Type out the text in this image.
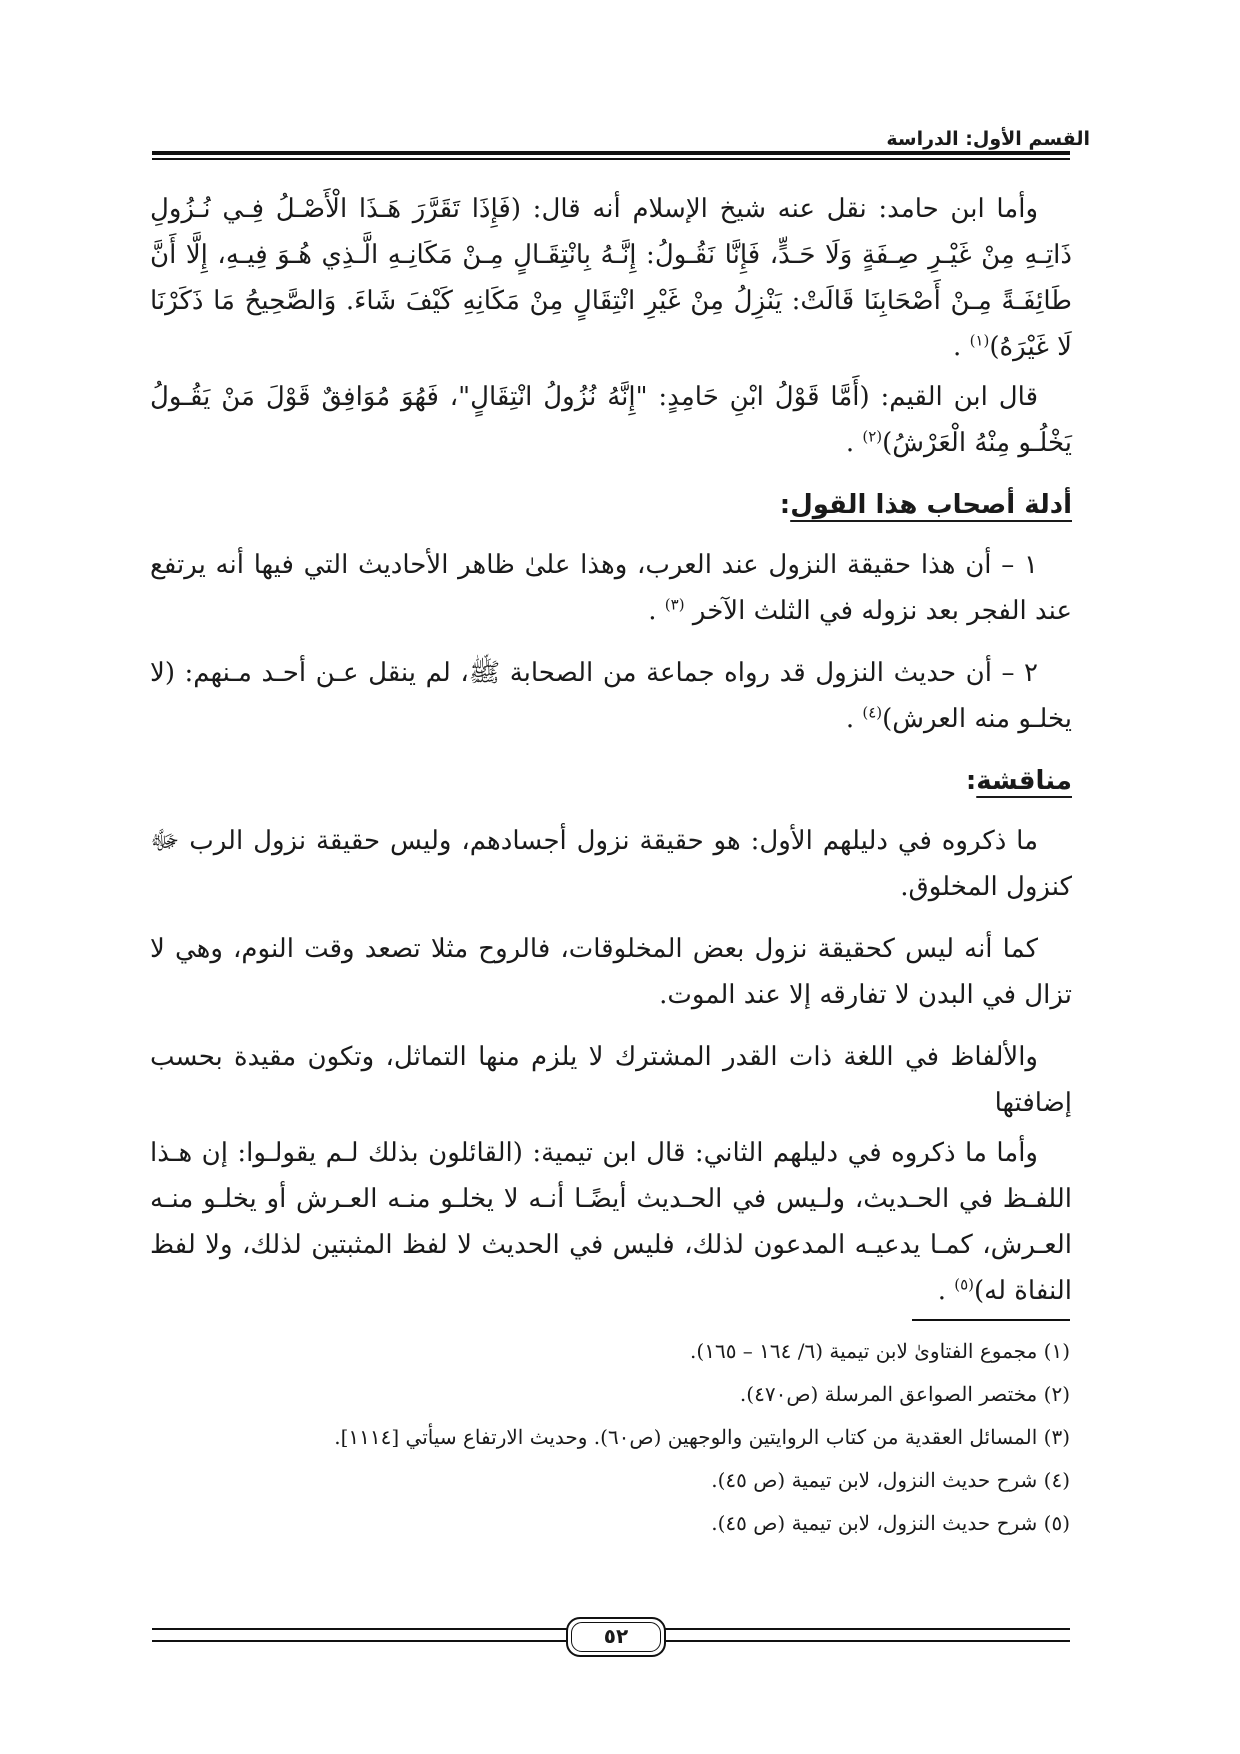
القسم الأول: الدراسة

وأما ابن حامد: نقل عنه شيخ الإسلام أنه قال: (فَإِذَا تَقَرَّرَ هَـذَا الْأَصْـلُ فِـي نُـزُولِ ذَاتِـهِ مِنْ غَيْـرِ صِـفَةٍ وَلَا حَـدٍّ، فَإِنَّا نَقُـولُ: إِنَّـهُ بِانْتِقَـالٍ مِـنْ مَكَانِـهِ الَّـذِي هُـوَ فِيـهِ، إِلَّا أَنَّ طَائِفَـةً مِـنْ أَصْحَابِنَا قَالَتْ: يَنْزِلُ مِنْ غَيْرِ انْتِقَالٍ مِنْ مَكَانِهِ كَيْفَ شَاءَ. وَالصَّحِيحُ مَا ذَكَرْنَا لَا غَيْرَهُ)$^{(١)}$ .

قال ابن القيم: (أَمَّا قَوْلُ ابْنِ حَامِدٍ: "إِنَّهُ نُزُولُ انْتِقَالٍ"، فَهُوَ مُوَافِقٌ قَوْلَ مَنْ يَقُـولُ يَخْلُـو مِنْهُ الْعَرْشُ)$^{(٢)}$ .

أدلة أصحاب هذا القول:

١ – أن هذا حقيقة النزول عند العرب، وهذا علىٰ ظاهر الأحاديث التي فيها أنه يرتفع عند الفجر بعد نزوله في الثلث الآخر $^{(٣)}$ .

٢ – أن حديث النزول قد رواه جماعة من الصحابة ﷺ، لم ينقل عـن أحـد مـنهم: (لا يخلـو منه العرش)$^{(٤)}$ .

مناقشة:

ما ذكروه في دليلهم الأول: هو حقيقة نزول أجسادهم، وليس حقيقة نزول الرب ﷻ كنزول المخلوق.

كما أنه ليس كحقيقة نزول بعض المخلوقات، فالروح مثلا تصعد وقت النوم، وهي لا تزال في البدن لا تفارقه إلا عند الموت.

والألفاظ في اللغة ذات القدر المشترك لا يلزم منها التماثل، وتكون مقيدة بحسب إضافتها

وأما ما ذكروه في دليلهم الثاني: قال ابن تيمية: (القائلون بذلك لـم يقولـوا: إن هـذا اللفـظ في الحـديث، ولـيس في الحـديث أيضًـا أنـه لا يخلـو منـه العـرش أو يخلـو منـه العـرش، كمـا يدعيـه المدعون لذلك، فليس في الحديث لا لفظ المثبتين لذلك، ولا لفظ النفاة له)$^{(٥)}$ .

(١) مجموع الفتاوىٰ لابن تيمية (٦/ ١٦٤ – ١٦٥).

(٢) مختصر الصواعق المرسلة (ص٤٧٠).

(٣) المسائل العقدية من كتاب الروايتين والوجهين (ص٦٠). وحديث الارتفاع سيأتي [١١١٤].

(٤) شرح حديث النزول، لابن تيمية (ص ٤٥).

(٥) شرح حديث النزول، لابن تيمية (ص ٤٥).

٥٢
